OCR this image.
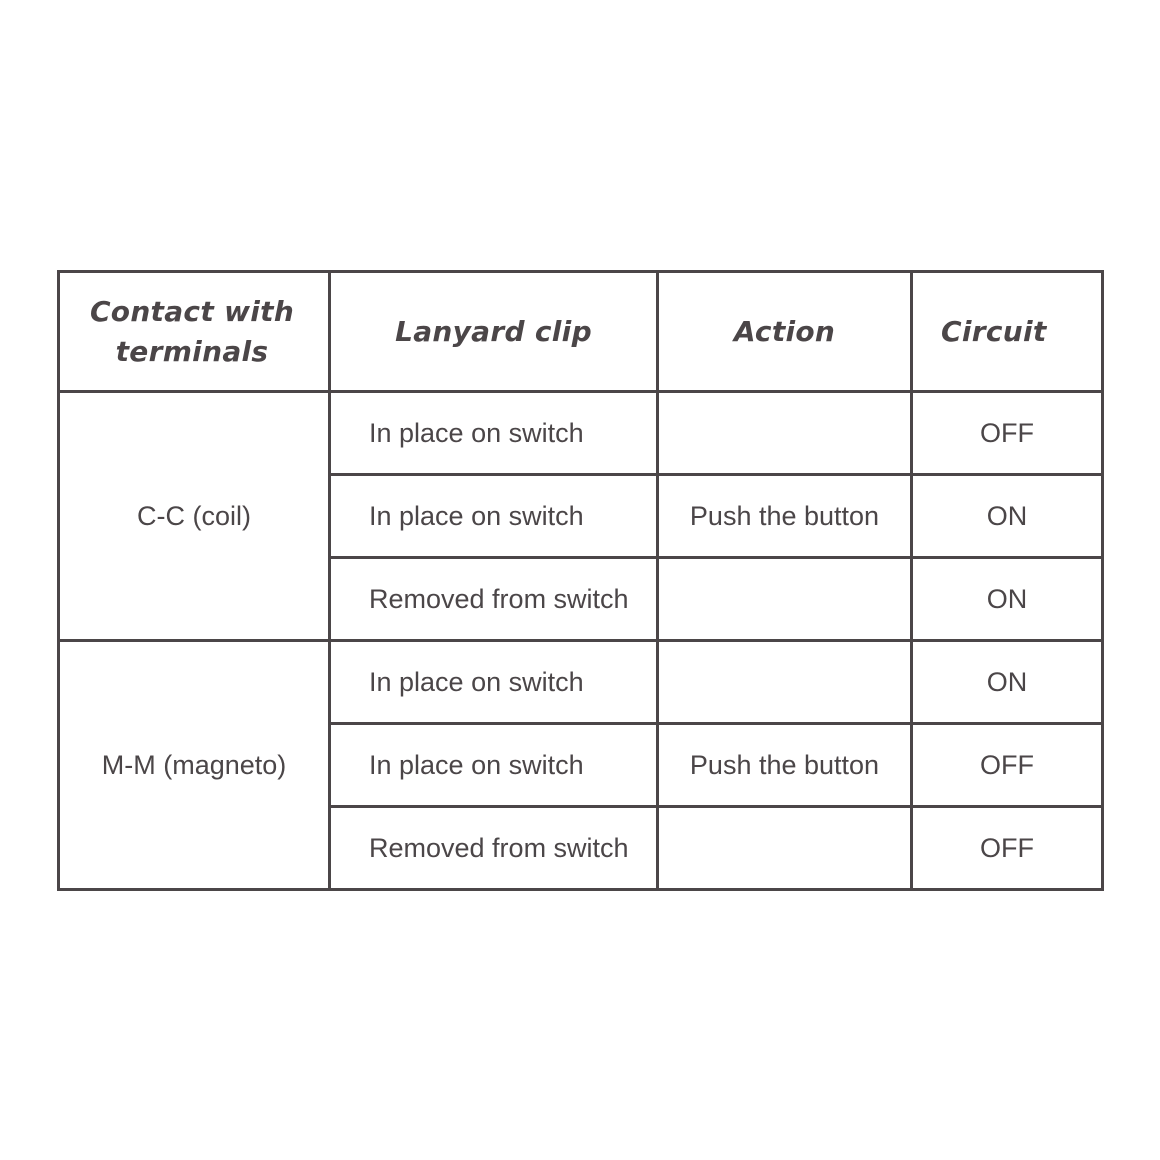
Contact with
terminals	Lanyard clip	Action	Circuit
C-C (coil)	In place on switch		OFF
	In place on switch	Push the button	ON
	Removed from switch		ON
M-M (magneto)	In place on switch		ON
	In place on switch	Push the button	OFF
	Removed from switch		OFF
